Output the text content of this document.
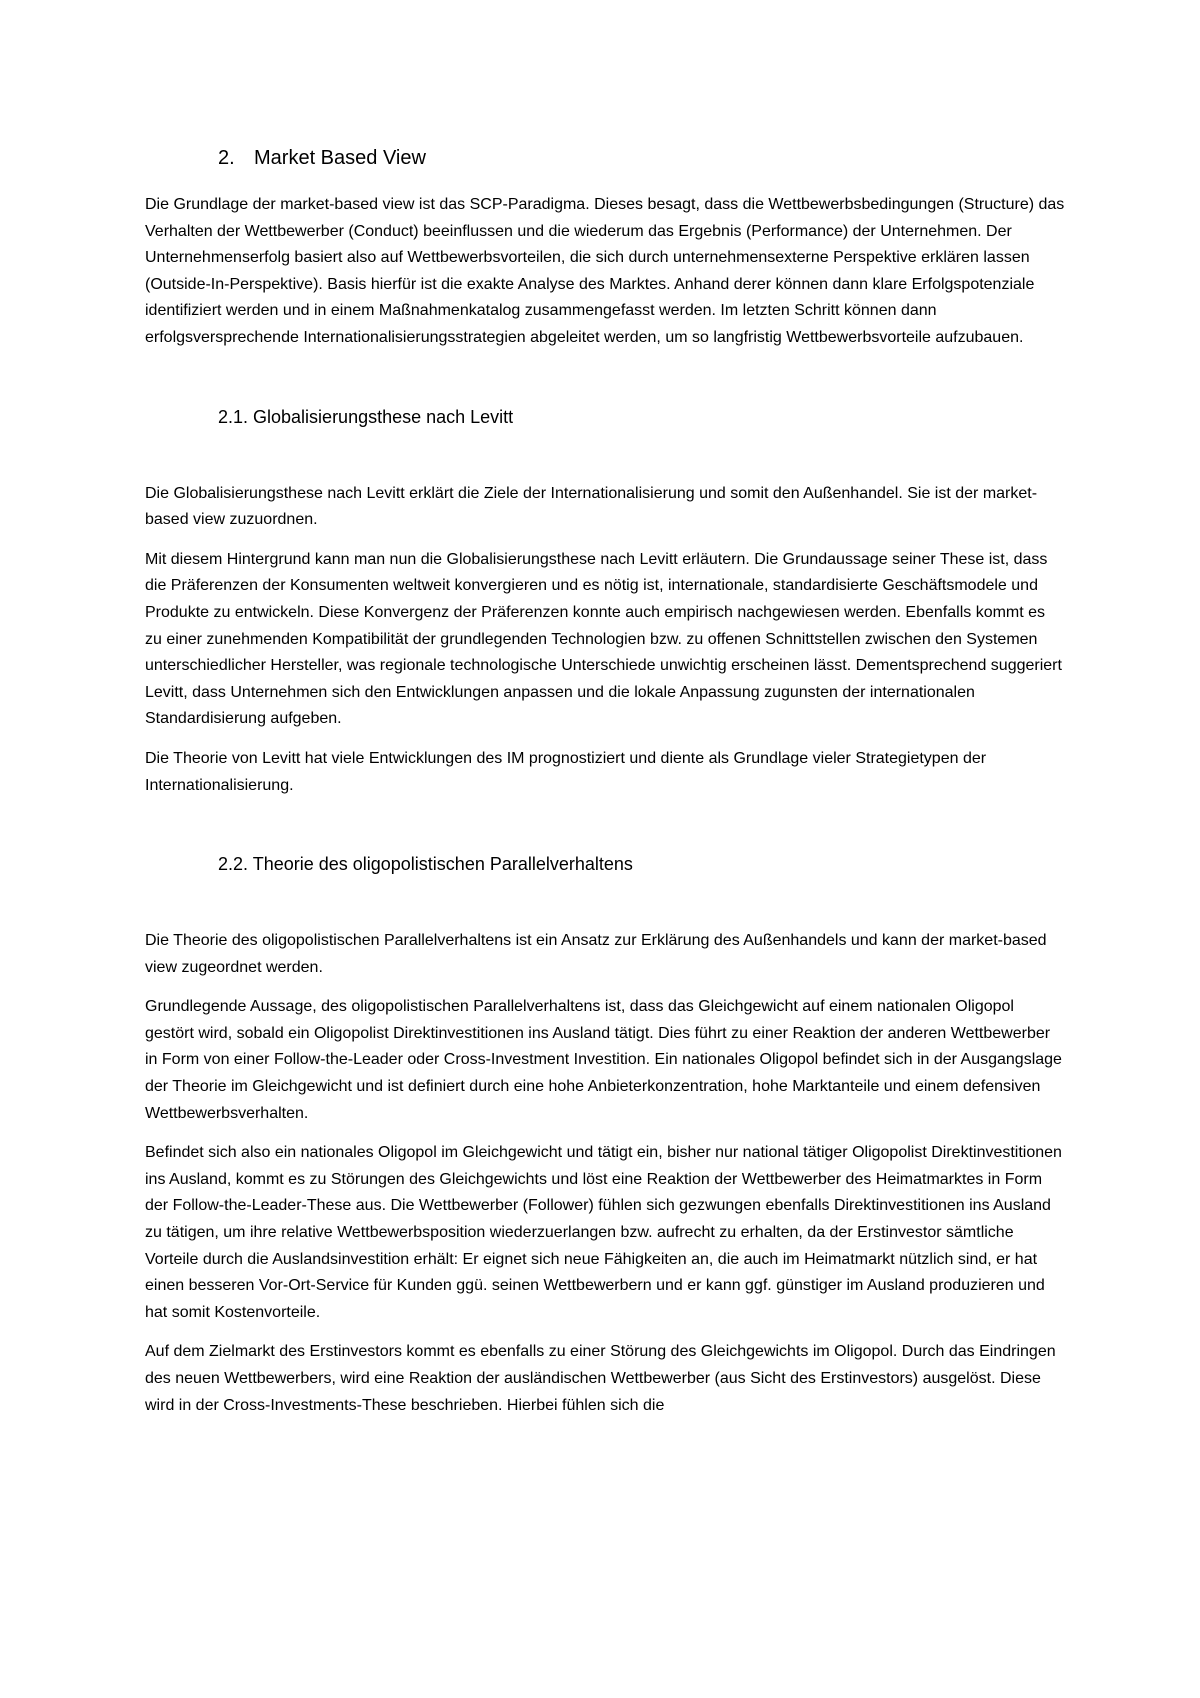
2. Market Based View

Die Grundlage der market-based view ist das SCP-Paradigma. Dieses besagt, dass die Wettbewerbsbedingungen (Structure) das Verhalten der Wettbewerber (Conduct) beeinflussen und die wiederum das Ergebnis (Performance) der Unternehmen. Der Unternehmenserfolg basiert also auf Wettbewerbsvorteilen, die sich durch unternehmensexterne Perspektive erklären lassen (Outside-In-Perspektive). Basis hierfür ist die exakte Analyse des Marktes. Anhand derer können dann klare Erfolgspotenziale identifiziert werden und in einem Maßnahmenkatalog zusammengefasst werden. Im letzten Schritt können dann erfolgsversprechende Internationalisierungsstrategien abgeleitet werden, um so langfristig Wettbewerbsvorteile aufzubauen.

2.1. Globalisierungsthese nach Levitt

Die Globalisierungsthese nach Levitt erklärt die Ziele der Internationalisierung und somit den Außenhandel. Sie ist der market-based view zuzuordnen.

Mit diesem Hintergrund kann man nun die Globalisierungsthese nach Levitt erläutern. Die Grundaussage seiner These ist, dass die Präferenzen der Konsumenten weltweit konvergieren und es nötig ist, internationale, standardisierte Geschäftsmodele und Produkte zu entwickeln. Diese Konvergenz der Präferenzen konnte auch empirisch nachgewiesen werden. Ebenfalls kommt es zu einer zunehmenden Kompatibilität der grundlegenden Technologien bzw. zu offenen Schnittstellen zwischen den Systemen unterschiedlicher Hersteller, was regionale technologische Unterschiede unwichtig erscheinen lässt. Dementsprechend suggeriert Levitt, dass Unternehmen sich den Entwicklungen anpassen und die lokale Anpassung zugunsten der internationalen Standardisierung aufgeben.

Die Theorie von Levitt hat viele Entwicklungen des IM prognostiziert und diente als Grundlage vieler Strategietypen der Internationalisierung.

2.2. Theorie des oligopolistischen Parallelverhaltens

Die Theorie des oligopolistischen Parallelverhaltens ist ein Ansatz zur Erklärung des Außenhandels und kann der market-based view zugeordnet werden.

Grundlegende Aussage, des oligopolistischen Parallelverhaltens ist, dass das Gleichgewicht auf einem nationalen Oligopol gestört wird, sobald ein Oligopolist Direktinvestitionen ins Ausland tätigt. Dies führt zu einer Reaktion der anderen Wettbewerber in Form von einer Follow-the-Leader oder Cross-Investment Investition. Ein nationales Oligopol befindet sich in der Ausgangslage der Theorie im Gleichgewicht und ist definiert durch eine hohe Anbieterkonzentration, hohe Marktanteile und einem defensiven Wettbewerbsverhalten.

Befindet sich also ein nationales Oligopol im Gleichgewicht und tätigt ein, bisher nur national tätiger Oligopolist Direktinvestitionen ins Ausland, kommt es zu Störungen des Gleichgewichts und löst eine Reaktion der Wettbewerber des Heimatmarktes in Form der Follow-the-Leader-These aus. Die Wettbewerber (Follower) fühlen sich gezwungen ebenfalls Direktinvestitionen ins Ausland zu tätigen, um ihre relative Wettbewerbsposition wiederzuerlangen bzw. aufrecht zu erhalten, da der Erstinvestor sämtliche Vorteile durch die Auslandsinvestition erhält: Er eignet sich neue Fähigkeiten an, die auch im Heimatmarkt nützlich sind, er hat einen besseren Vor-Ort-Service für Kunden ggü. seinen Wettbewerbern und er kann ggf. günstiger im Ausland produzieren und hat somit Kostenvorteile.

Auf dem Zielmarkt des Erstinvestors kommt es ebenfalls zu einer Störung des Gleichgewichts im Oligopol. Durch das Eindringen des neuen Wettbewerbers, wird eine Reaktion der ausländischen Wettbewerber (aus Sicht des Erstinvestors) ausgelöst. Diese wird in der Cross-Investments-These beschrieben. Hierbei fühlen sich die
